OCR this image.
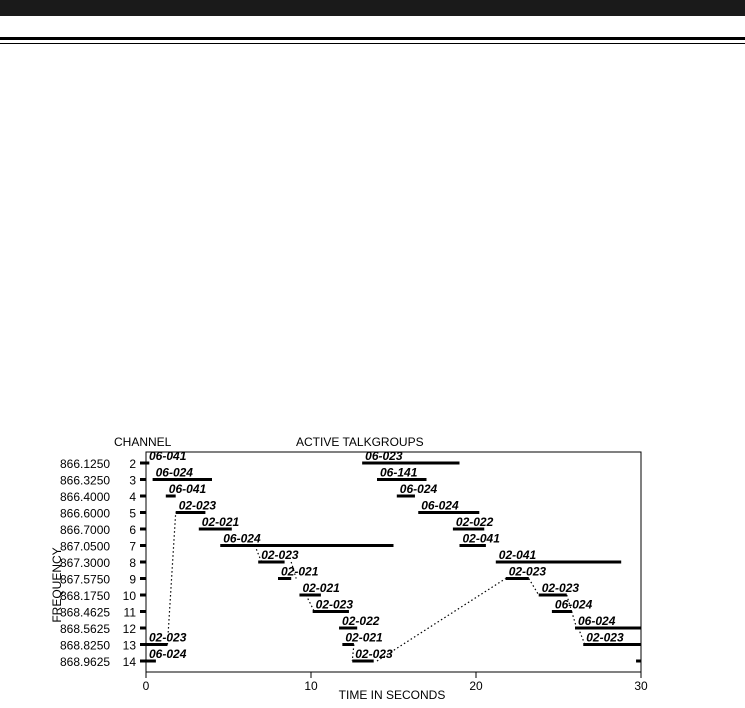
CHANNEL	ACTIVE TALKGROUPS
FREQUENCY
TIME IN SECONDS
866.1250 2
866.3250 3
866.4000 4
866.6000 5
866.7000 6
867.0500 7
867.3000 8
867.5750 9
868.1750 10
868.4625 11
868.5625 12
868.8250 13
868.9625 14
0	10	20	30
06-041
06-024
06-041
02-023
02-021
06-024
02-023
02-021
02-021
02-023
02-022
02-023	02-021
06-024	02-023
06-023
06-141
06-024
06-024
02-022
02-041
02-041
02-023
02-023
06-024
06-024
02-023
